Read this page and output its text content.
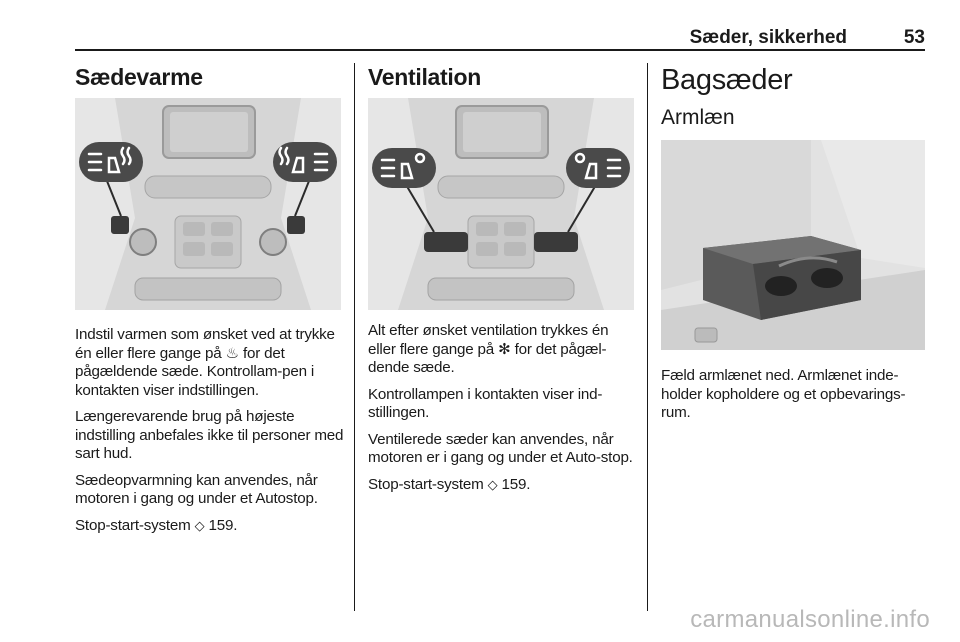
Sæder, sikkerhed	53
Sædevarme

Indstil varmen som ønsket ved at trykke én eller flere gange på ♨ for det pågældende sæde. Kontrollam-pen i kontakten viser indstillingen.

Længerevarende brug på højeste indstilling anbefales ikke til personer med sart hud.

Sædeopvarmning kan anvendes, når motoren i gang og under et Autostop.

Stop-start-system ◇ 159.

Ventilation

Alt efter ønsket ventilation trykkes én eller flere gange på ✻ for det pågæl-dende sæde.

Kontrollampen i kontakten viser ind-stillingen.

Ventilerede sæder kan anvendes, når motoren er i gang og under et Auto-stop.

Stop-start-system ◇ 159.

Bagsæder
Armlæn

Fæld armlænet ned. Armlænet inde-holder kopholdere og et opbevarings-rum.

carmanualsonline.info
